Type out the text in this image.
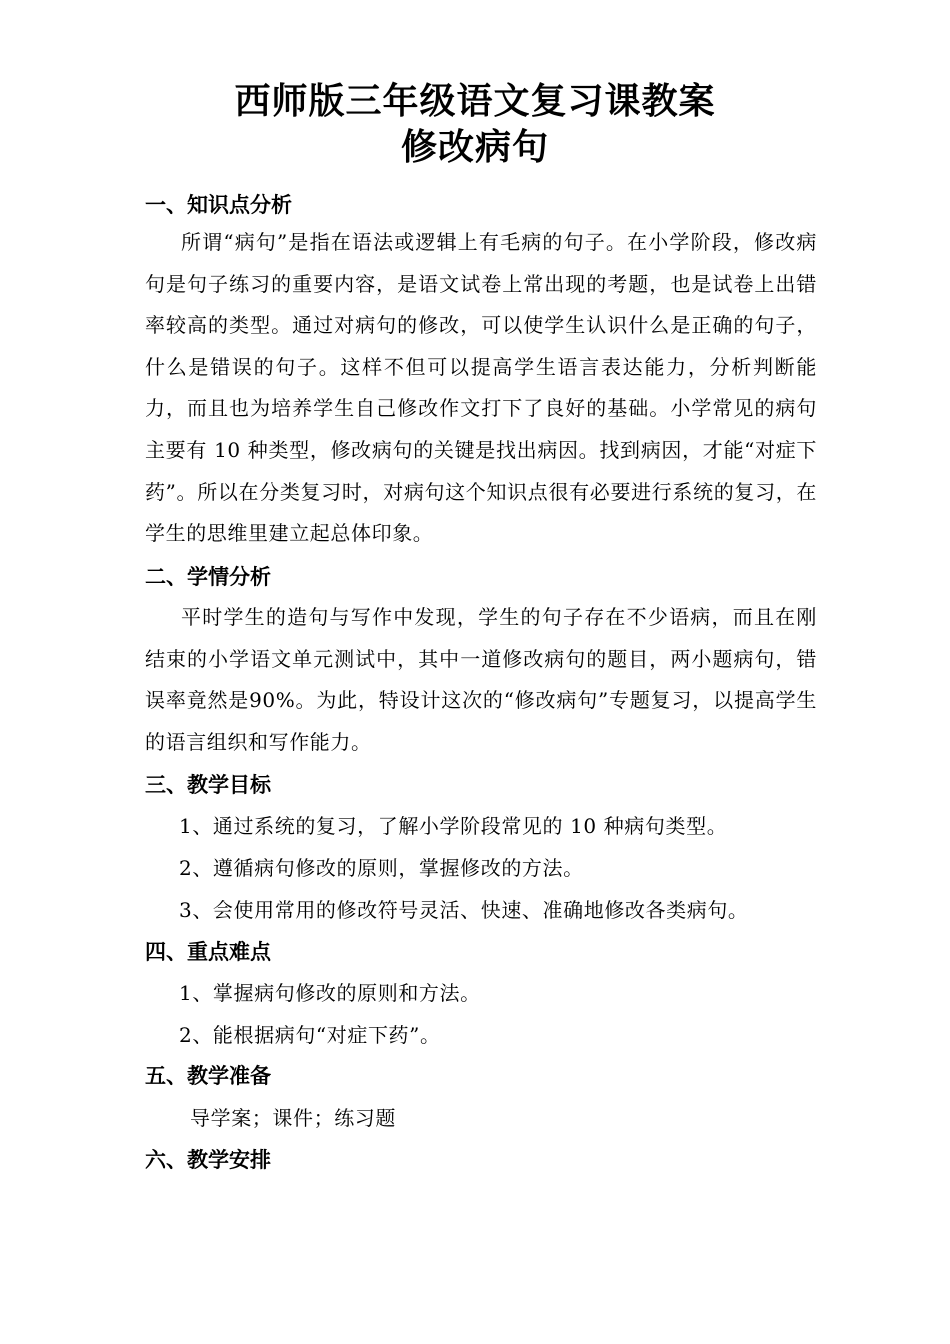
西师版三年级语文复习课教案
修改病句
一、知识点分析

所谓“病句”是指在语法或逻辑上有毛病的句子。在小学阶段，修改病句是句子练习的重要内容，是语文试卷上常出现的考题，也是试卷上出错率较高的类型。通过对病句的修改，可以使学生认识什么是正确的句子，什么是错误的句子。这样不但可以提高学生语言表达能力，分析判断能力，而且也为培养学生自己修改作文打下了良好的基础。小学常见的病句主要有 10 种类型，修改病句的关键是找出病因。找到病因，才能“对症下药”。所以在分类复习时，对病句这个知识点很有必要进行系统的复习，在学生的思维里建立起总体印象。

二、学情分析

平时学生的造句与写作中发现，学生的句子存在不少语病，而且在刚结束的小学语文单元测试中，其中一道修改病句的题目，两小题病句，错误率竟然是90%。为此，特设计这次的“修改病句”专题复习，以提高学生的语言组织和写作能力。

三、教学目标
1、通过系统的复习，了解小学阶段常见的 10 种病句类型。
2、遵循病句修改的原则，掌握修改的方法。
3、会使用常用的修改符号灵活、快速、准确地修改各类病句。
四、重点难点
1、掌握病句修改的原则和方法。
2、能根据病句“对症下药”。
五、教学准备
导学案；课件；练习题
六、教学安排
